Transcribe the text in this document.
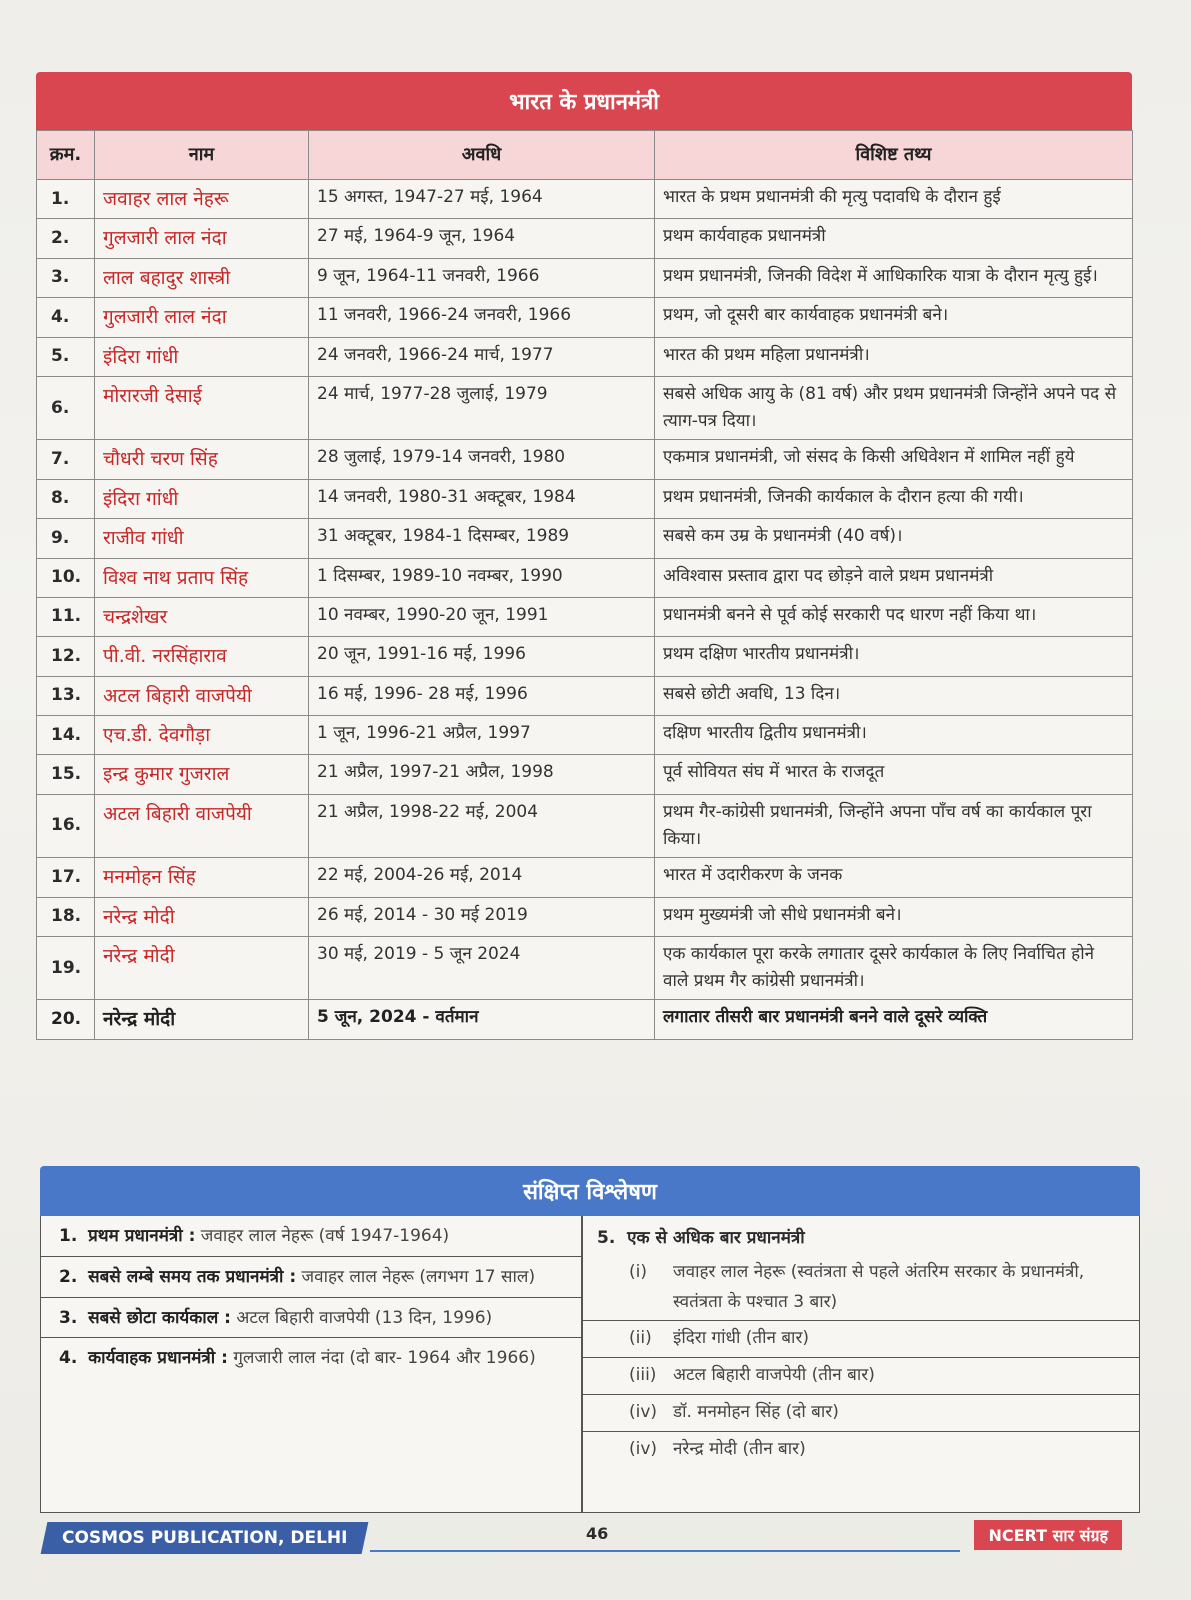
भारत के प्रधानमंत्री
क्रम.	नाम	अवधि	विशिष्ट तथ्य
1.	जवाहर लाल नेहरू	15 अगस्त, 1947-27 मई, 1964	भारत के प्रथम प्रधानमंत्री की मृत्यु पदावधि के दौरान हुई
2.	गुलजारी लाल नंदा	27 मई, 1964-9 जून, 1964	प्रथम कार्यवाहक प्रधानमंत्री
3.	लाल बहादुर शास्त्री	9 जून, 1964-11 जनवरी, 1966	प्रथम प्रधानमंत्री, जिनकी विदेश में आधिकारिक यात्रा के दौरान मृत्यु हुई।
4.	गुलजारी लाल नंदा	11 जनवरी, 1966-24 जनवरी, 1966	प्रथम, जो दूसरी बार कार्यवाहक प्रधानमंत्री बने।
5.	इंदिरा गांधी	24 जनवरी, 1966-24 मार्च, 1977	भारत की प्रथम महिला प्रधानमंत्री।
6.	मोरारजी देसाई	24 मार्च, 1977-28 जुलाई, 1979	सबसे अधिक आयु के (81 वर्ष) और प्रथम प्रधानमंत्री जिन्होंने अपने पद से त्याग-पत्र दिया।
7.	चौधरी चरण सिंह	28 जुलाई, 1979-14 जनवरी, 1980	एकमात्र प्रधानमंत्री, जो संसद के किसी अधिवेशन में शामिल नहीं हुये
8.	इंदिरा गांधी	14 जनवरी, 1980-31 अक्टूबर, 1984	प्रथम प्रधानमंत्री, जिनकी कार्यकाल के दौरान हत्या की गयी।
9.	राजीव गांधी	31 अक्टूबर, 1984-1 दिसम्बर, 1989	सबसे कम उम्र के प्रधानमंत्री (40 वर्ष)।
10.	विश्व नाथ प्रताप सिंह	1 दिसम्बर, 1989-10 नवम्बर, 1990	अविश्वास प्रस्ताव द्वारा पद छोड़ने वाले प्रथम प्रधानमंत्री
11.	चन्द्रशेखर	10 नवम्बर, 1990-20 जून, 1991	प्रधानमंत्री बनने से पूर्व कोई सरकारी पद धारण नहीं किया था।
12.	पी.वी. नरसिंहाराव	20 जून, 1991-16 मई, 1996	प्रथम दक्षिण भारतीय प्रधानमंत्री।
13.	अटल बिहारी वाजपेयी	16 मई, 1996- 28 मई, 1996	सबसे छोटी अवधि, 13 दिन।
14.	एच.डी. देवगौड़ा	1 जून, 1996-21 अप्रैल, 1997	दक्षिण भारतीय द्वितीय प्रधानमंत्री।
15.	इन्द्र कुमार गुजराल	21 अप्रैल, 1997-21 अप्रैल, 1998	पूर्व सोवियत संघ में भारत के राजदूत
16.	अटल बिहारी वाजपेयी	21 अप्रैल, 1998-22 मई, 2004	प्रथम गैर-कांग्रेसी प्रधानमंत्री, जिन्होंने अपना पाँच वर्ष का कार्यकाल पूरा किया।
17.	मनमोहन सिंह	22 मई, 2004-26 मई, 2014	भारत में उदारीकरण के जनक
18.	नरेन्द्र मोदी	26 मई, 2014 - 30 मई 2019	प्रथम मुख्यमंत्री जो सीधे प्रधानमंत्री बने।
19.	नरेन्द्र मोदी	30 मई, 2019 - 5 जून 2024	एक कार्यकाल पूरा करके लगातार दूसरे कार्यकाल के लिए निर्वाचित होने वाले प्रथम गैर कांग्रेसी प्रधानमंत्री।
20.	नरेन्द्र मोदी	5 जून, 2024 - वर्तमान	लगातार तीसरी बार प्रधानमंत्री बनने वाले दूसरे व्यक्ति
संक्षिप्त विश्लेषण
1. प्रथम प्रधानमंत्री : जवाहर लाल नेहरू (वर्ष 1947-1964)
2. सबसे लम्बे समय तक प्रधानमंत्री : जवाहर लाल नेहरू (लगभग 17 साल)
3. सबसे छोटा कार्यकाल : अटल बिहारी वाजपेयी (13 दिन, 1996)
4. कार्यवाहक प्रधानमंत्री : गुलजारी लाल नंदा (दो बार- 1964 और 1966)
5. एक से अधिक बार प्रधानमंत्री
(i)	जवाहर लाल नेहरू (स्वतंत्रता से पहले अंतरिम सरकार के प्रधानमंत्री, स्वतंत्रता के पश्चात 3 बार)
(ii)	इंदिरा गांधी (तीन बार)
(iii) अटल बिहारी वाजपेयी (तीन बार)
(iv) डॉ. मनमोहन सिंह (दो बार)
(iv) नरेन्द्र मोदी (तीन बार)
COSMOS PUBLICATION, DELHI	46	NCERT सार संग्रह
